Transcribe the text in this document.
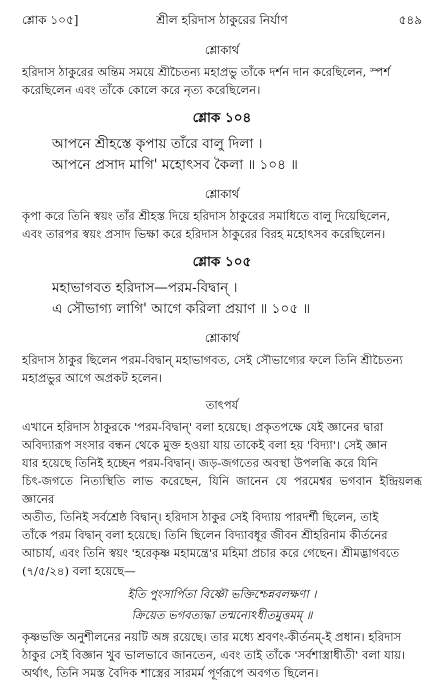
শ্লোক ১০৫]	শ্রীল হরিদাস ঠাকুরের নির্যাণ	৫৪৯
শ্লোকার্থ

হরিদাস ঠাকুরের অন্তিম সময়ে শ্রীচৈতন্য মহাপ্রভু তাঁকে দর্শন দান করেছিলেন, স্পর্শ

করেছিলেন এবং তাঁকে কোলে করে নৃত্য করেছিলেন।

শ্লোক ১০৪

আপনে শ্রীহস্তে কৃপায় তাঁরে বালু দিলা ।

আপনে প্রসাদ মাগি' মহোৎসব কৈলা ॥ ১০৪ ॥

শ্লোকার্থ

কৃপা করে তিনি স্বয়ং তাঁর শ্রীহস্ত দিয়ে হরিদাস ঠাকুরের সমাধিতে বালু দিয়েছিলেন,

এবং তারপর স্বয়ং প্রসাদ ভিক্ষা করে হরিদাস ঠাকুরের বিরহ মহোৎসব করেছিলেন।

শ্লোক ১০৫

মহাভাগবত হরিদাস—পরম-বিদ্বান্ ।

এ সৌভাগ্য লাগি' আগে করিলা প্রয়াণ ॥ ১০৫ ॥

শ্লোকার্থ

হরিদাস ঠাকুর ছিলেন পরম-বিদ্বান্ মহাভাগবত, সেই সৌভাগ্যের ফলে তিনি শ্রীচৈতন্য

মহাপ্রভুর আগে অপ্রকট হলেন।

তাৎপর্য

এখানে হরিদাস ঠাকুরকে 'পরম-বিদ্বান্' বলা হয়েছে। প্রকৃতপক্ষে যেই জ্ঞানের দ্বারা

অবিদ্যারূপ সংসার বন্ধন থেকে মুক্ত হওয়া যায় তাকেই বলা হয় 'বিদ্যা'। সেই জ্ঞান

যার হয়েছে তিনিই হচ্ছেন পরম-বিদ্বান্। জড়-জগতের অবস্থা উপলব্ধি করে যিনি

চিৎ-জগতে নিত্যস্থিতি লাভ করেছেন, যিনি জানেন যে পরমেশ্বর ভগবান ইন্দ্রিয়লব্ধ জ্ঞানের

অতীত, তিনিই সর্বশ্রেষ্ঠ বিদ্বান্। হরিদাস ঠাকুর সেই বিদ্যায় পারদর্শী ছিলেন, তাই

তাঁকে পরম বিদ্বান্ বলা হয়েছে। তিনি ছিলেন বিদ্যাবধূর জীবন শ্রীহরিনাম কীর্তনের

আচার্য, এবং তিনি স্বয়ং 'হরেকৃষ্ণ মহামন্ত্রে'র মহিমা প্রচার করে গেছেন। শ্রীমদ্ভাগবতে

(৭/৫/২৪) বলা হয়েছে—

ইতি পুংসার্পিতা বিষ্ণৌ ভক্তিশ্চেন্নবলক্ষণা ।

ক্রিয়েত ভগবত্যদ্ধা তন্মন্যেঽধীতমুত্তমম্ ॥

কৃষ্ণভক্তি অনুশীলনের নয়টি অঙ্গ রয়েছে। তার মধ্যে শ্রবণং-কীর্তনম্-ই প্রধান। হরিদাস

ঠাকুর সেই বিজ্ঞান খুব ভালভাবে জানতেন, এবং তাই তাঁকে 'সর্বশাস্ত্রাধীতী' বলা যায়।

অর্থাৎ, তিনি সমস্ত বৈদিক শাস্ত্রের সারমর্ম পূর্ণরূপে অবগত ছিলেন।
